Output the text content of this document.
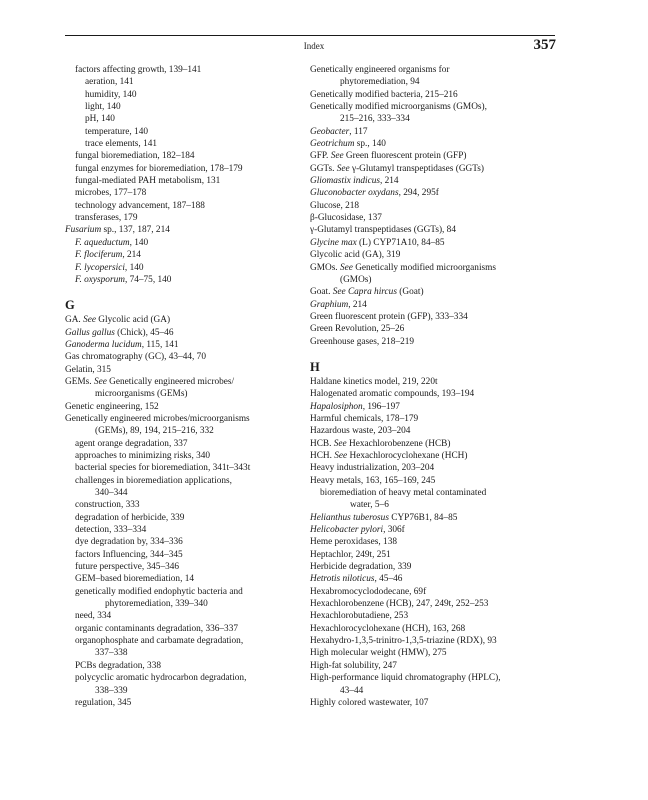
Index	357
factors affecting growth, 139–141
aeration, 141
humidity, 140
light, 140
pH, 140
temperature, 140
trace elements, 141
fungal bioremediation, 182–184
fungal enzymes for bioremediation, 178–179
fungal-mediated PAH metabolism, 131
microbes, 177–178
technology advancement, 187–188
transferases, 179
Fusarium sp., 137, 187, 214
F. aqueductum, 140
F. flociferum, 214
F. lycopersici, 140
F. oxysporum, 74–75, 140
G
GA. See Glycolic acid (GA)
Gallus gallus (Chick), 45–46
Ganoderma lucidum, 115, 141
Gas chromatography (GC), 43–44, 70
Gelatin, 315
GEMs. See Genetically engineered microbes/
microorganisms (GEMs)
Genetic engineering, 152
Genetically engineered microbes/microorganisms
(GEMs), 89, 194, 215–216, 332
agent orange degradation, 337
approaches to minimizing risks, 340
bacterial species for bioremediation, 341t–343t
challenges in bioremediation applications,
340–344
construction, 333
degradation of herbicide, 339
detection, 333–334
dye degradation by, 334–336
factors Influencing, 344–345
future perspective, 345–346
GEM–based bioremediation, 14
genetically modified endophytic bacteria and
phytoremediation, 339–340
need, 334
organic contaminants degradation, 336–337
organophosphate and carbamate degradation,
337–338
PCBs degradation, 338
polycyclic aromatic hydrocarbon degradation,
338–339
regulation, 345
Genetically engineered organisms for
phytoremediation, 94
Genetically modified bacteria, 215–216
Genetically modified microorganisms (GMOs),
215–216, 333–334
Geobacter, 117
Geotrichum sp., 140
GFP. See Green fluorescent protein (GFP)
GGTs. See γ-Glutamyl transpeptidases (GGTs)
Gliomastix indicus, 214
Gluconobacter oxydans, 294, 295f
Glucose, 218
β-Glucosidase, 137
γ-Glutamyl transpeptidases (GGTs), 84
Glycine max (L) CYP71A10, 84–85
Glycolic acid (GA), 319
GMOs. See Genetically modified microorganisms
(GMOs)
Goat. See Capra hircus (Goat)
Graphium, 214
Green fluorescent protein (GFP), 333–334
Green Revolution, 25–26
Greenhouse gases, 218–219
H
Haldane kinetics model, 219, 220t
Halogenated aromatic compounds, 193–194
Hapalosiphon, 196–197
Harmful chemicals, 178–179
Hazardous waste, 203–204
HCB. See Hexachlorobenzene (HCB)
HCH. See Hexachlorocyclohexane (HCH)
Heavy industrialization, 203–204
Heavy metals, 163, 165–169, 245
bioremediation of heavy metal contaminated
water, 5–6
Helianthus tuberosus CYP76B1, 84–85
Helicobacter pylori, 306f
Heme peroxidases, 138
Heptachlor, 249t, 251
Herbicide degradation, 339
Hetrotis niloticus, 45–46
Hexabromocyclododecane, 69f
Hexachlorobenzene (HCB), 247, 249t, 252–253
Hexachlorobutadiene, 253
Hexachlorocyclohexane (HCH), 163, 268
Hexahydro-1,3,5-trinitro-1,3,5-triazine (RDX), 93
High molecular weight (HMW), 275
High-fat solubility, 247
High-performance liquid chromatography (HPLC),
43–44
Highly colored wastewater, 107
